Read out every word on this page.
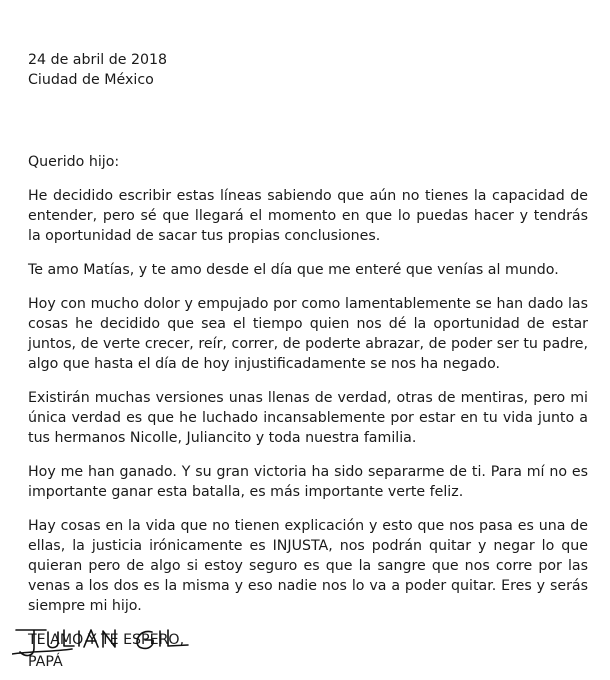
24 de abril de 2018
Ciudad de México

Querido hijo:

He decidido escribir estas líneas sabiendo que aún no tienes la capacidad de entender, pero sé que llegará el momento en que lo puedas hacer y tendrás la oportunidad de sacar tus propias conclusiones.

Te amo Matías, y te amo desde el día que me enteré que venías al mundo.

Hoy con mucho dolor y empujado por como lamentablemente se han dado las cosas he decidido que sea el tiempo quien nos dé la oportunidad de estar juntos, de verte crecer, reír, correr, de poderte abrazar, de poder ser tu padre, algo que hasta el día de hoy injustificadamente se nos ha negado.

Existirán muchas versiones unas llenas de verdad, otras de mentiras, pero mi única verdad es que he luchado incansablemente por estar en tu vida junto a tus hermanos Nicolle, Juliancito y toda nuestra familia.

Hoy me han ganado. Y su gran victoria ha sido separarme de ti. Para mí no es importante ganar esta batalla, es más importante verte feliz.

Hay cosas en la vida que no tienen explicación y esto que nos pasa es una de ellas, la justicia irónicamente es INJUSTA, nos podrán quitar y negar lo que quieran pero de algo si estoy seguro es que la sangre que nos corre por las venas a los dos es la misma y eso nadie nos lo va a poder quitar. Eres y serás siempre mi hijo.

TE AMO Y TE ESPERO,

PAPÁ
